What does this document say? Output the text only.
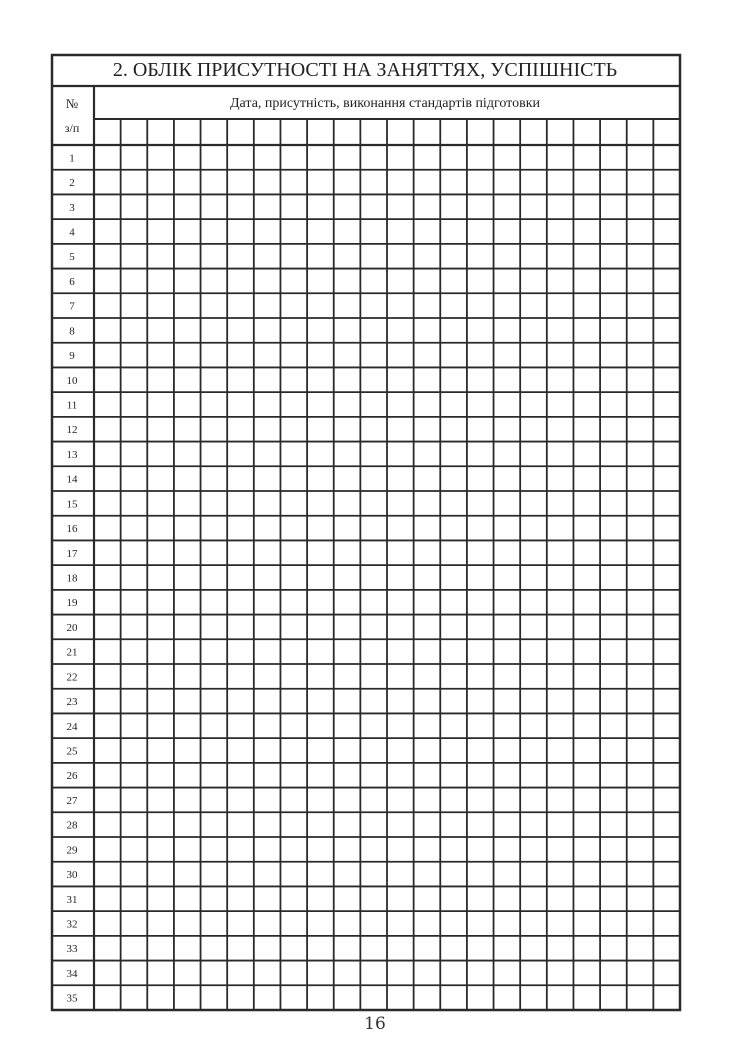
2. ОБЛІК ПРИСУТНОСТІ НА ЗАНЯТТЯХ, УСПІШНІСТЬ
№
з/п
Дата, присутність, виконання стандартів підготовки
1
2
3
4
5
6
7
8
9
10
11
12
13
14
15
16
17
18
19
20
21
22
23
24
25
26
27
28
29
30
31
32
33
34
35
16
